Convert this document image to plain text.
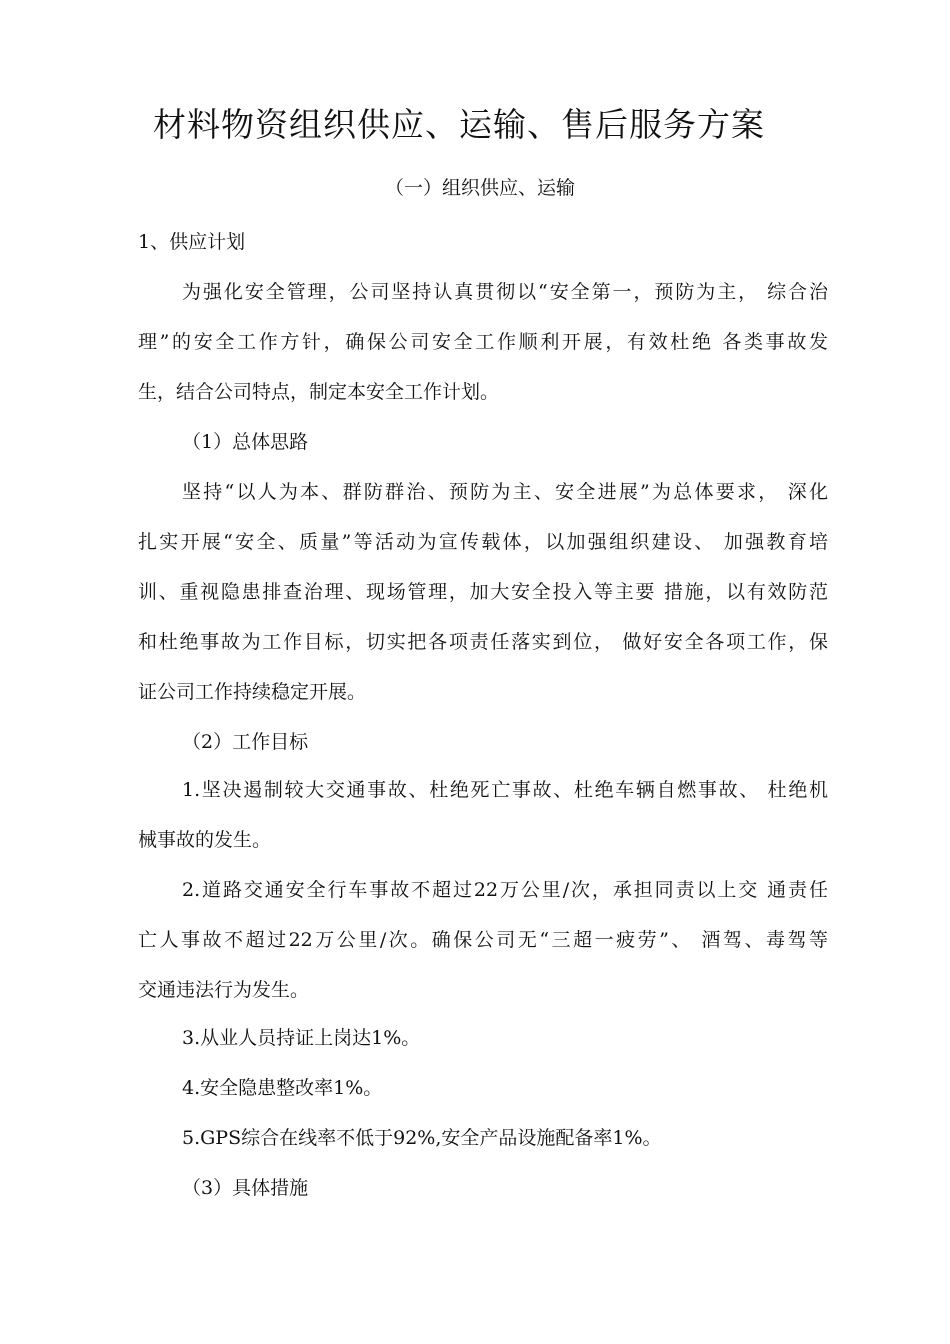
材料物资组织供应、运输、售后服务方案
（一）组织供应、运输
1、供应计划
为强化安全管理，公司坚持认真贯彻以“安全第一，预防为主， 综合治
理”的安全工作方针，确保公司安全工作顺利开展，有效杜绝 各类事故发
生，结合公司特点，制定本安全工作计划。
（1）总体思路
坚持“以人为本、群防群治、预防为主、安全进展”为总体要求， 深化
扎实开展“安全、质量”等活动为宣传载体，以加强组织建设、 加强教育培
训、重视隐患排查治理、现场管理，加大安全投入等主要 措施，以有效防范
和杜绝事故为工作目标，切实把各项责任落实到位， 做好安全各项工作，保
证公司工作持续稳定开展。
（2）工作目标
1.坚决遏制较大交通事故、杜绝死亡事故、杜绝车辆自燃事故、 杜绝机
械事故的发生。
2.道路交通安全行车事故不超过22万公里/次，承担同责以上交 通责任
亡人事故不超过22万公里/次。确保公司无“三超一疲劳”、 酒驾、毒驾等
交通违法行为发生。
3.从业人员持证上岗达1%。
4.安全隐患整改率1%。
5.GPS综合在线率不低于92%,安全产品设施配备率1%。
（3）具体措施
